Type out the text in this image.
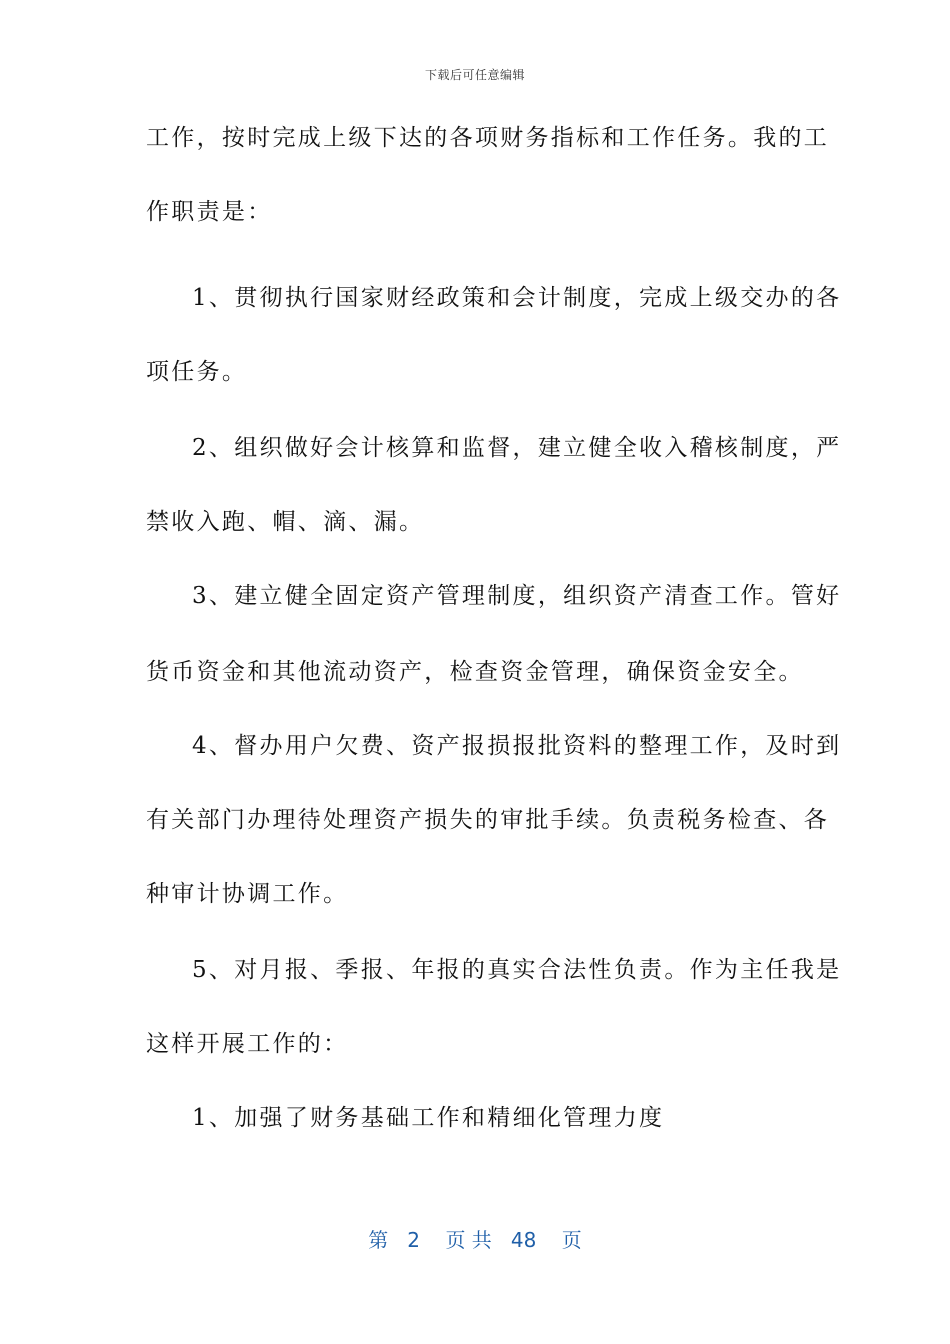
下载后可任意编辑
工作，按时完成上级下达的各项财务指标和工作任务。我的工
作职责是：
1、贯彻执行国家财经政策和会计制度，完成上级交办的各
项任务。
2、组织做好会计核算和监督，建立健全收入稽核制度，严
禁收入跑、帽、滴、漏。
3、建立健全固定资产管理制度，组织资产清查工作。管好
货币资金和其他流动资产，检查资金管理，确保资金安全。
4、督办用户欠费、资产报损报批资料的整理工作，及时到
有关部门办理待处理资产损失的审批手续。负责税务检查、各
种审计协调工作。
5、对月报、季报、年报的真实合法性负责。作为主任我是
这样开展工作的：
1、加强了财务基础工作和精细化管理力度
第   2    页 共   48    页
